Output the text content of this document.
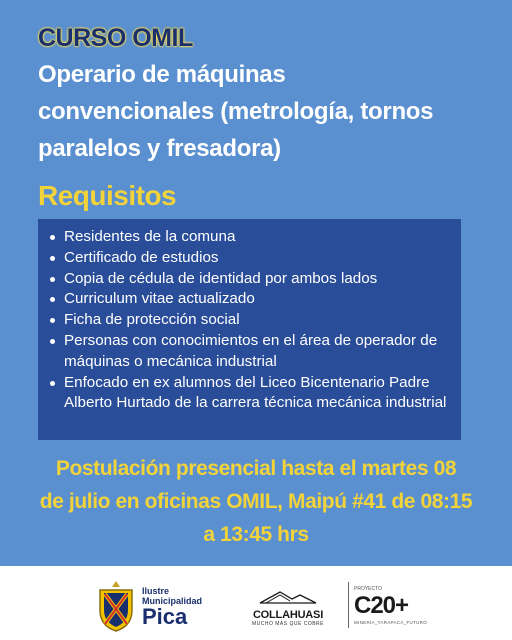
CURSO OMIL
Operario de máquinas
convencionales (metrología, tornos
paralelos y fresadora)
Requisitos
Residentes de la comuna
Certificado de estudios
Copia de cédula de identidad por ambos lados
Curriculum vitae actualizado
Ficha de protección social
Personas con conocimientos en el área de operador de máquinas o mecánica industrial
Enfocado en ex alumnos del Liceo Bicentenario Padre Alberto Hurtado de la carrera técnica mecánica industrial
Postulación presencial hasta el martes 08
de julio en oficinas OMIL, Maipú #41 de 08:15
a 13:45 hrs
Ilustre
Municipalidad
Pica	COLLAHUASI
MUCHO MÁS QUE COBRE
PROYECTO
C20+
MINERÍA_TARAPACÁ_FUTURO
